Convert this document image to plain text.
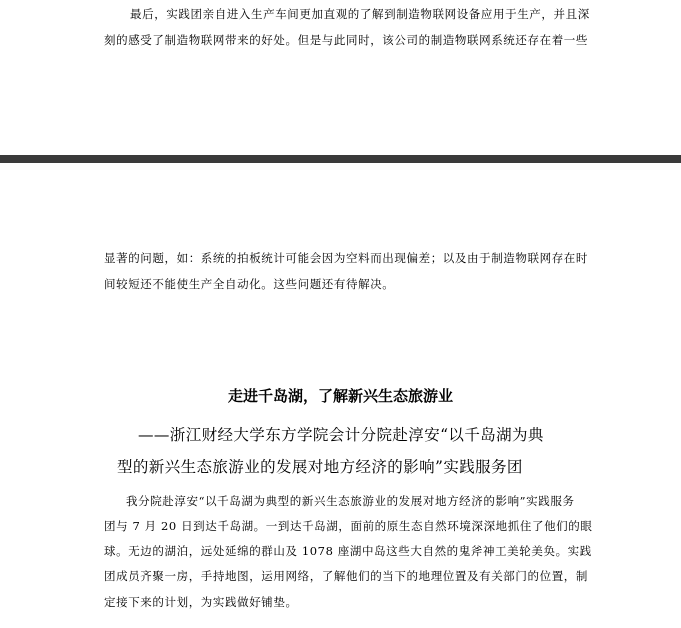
最后，实践团亲自进入生产车间更加直观的了解到制造物联网设备应用于生产，并且深
刻的感受了制造物联网带来的好处。但是与此同时，该公司的制造物联网系统还存在着一些
显著的问题，如：系统的拍板统计可能会因为空料而出现偏差；以及由于制造物联网存在时
间较短还不能使生产全自动化。这些问题还有待解决。
走进千岛湖，了解新兴生态旅游业
——浙江财经大学东方学院会计分院赴淳安“以千岛湖为典
型的新兴生态旅游业的发展对地方经济的影响”实践服务团
我分院赴淳安“以千岛湖为典型的新兴生态旅游业的发展对地方经济的影响”实践服务
团与 7 月 20 日到达千岛湖。一到达千岛湖，面前的原生态自然环境深深地抓住了他们的眼
球。无边的湖泊，远处延绵的群山及 1078 座湖中岛这些大自然的鬼斧神工美轮美奂。实践
团成员齐聚一房，手持地图，运用网络，了解他们的当下的地理位置及有关部门的位置，制
定接下来的计划，为实践做好铺垫。
